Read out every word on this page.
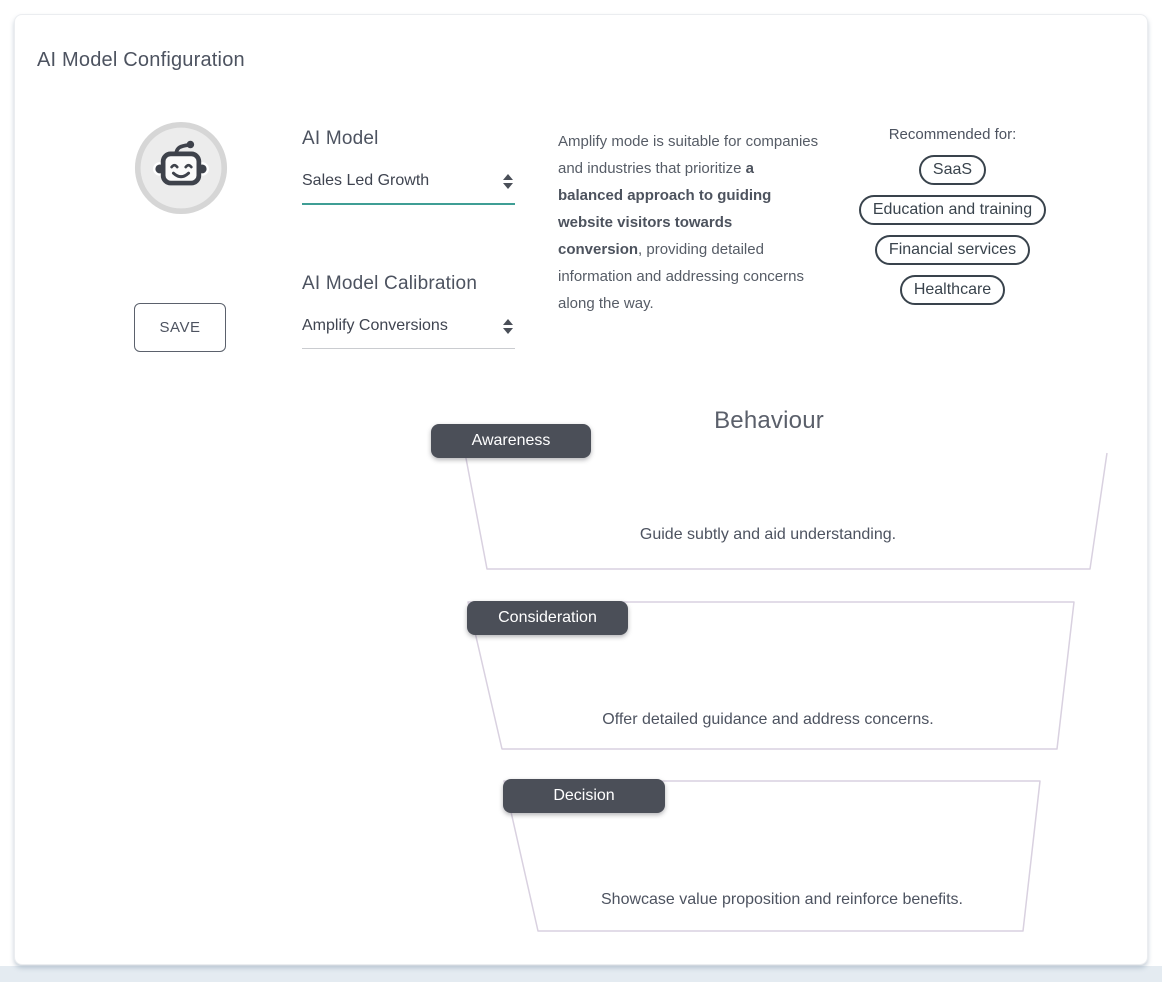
AI Model Configuration
SAVE
AI Model
Sales Led Growth
AI Model Calibration
Amplify Conversions

Amplify mode is suitable for companies and industries that prioritize a balanced approach to guiding website visitors towards conversion, providing detailed information and addressing concerns along the way.

Recommended for:
SaaS
Education and training
Financial services
Healthcare
Behaviour
Awareness
Guide subtly and aid understanding.
Consideration
Offer detailed guidance and address concerns.
Decision
Showcase value proposition and reinforce benefits.
